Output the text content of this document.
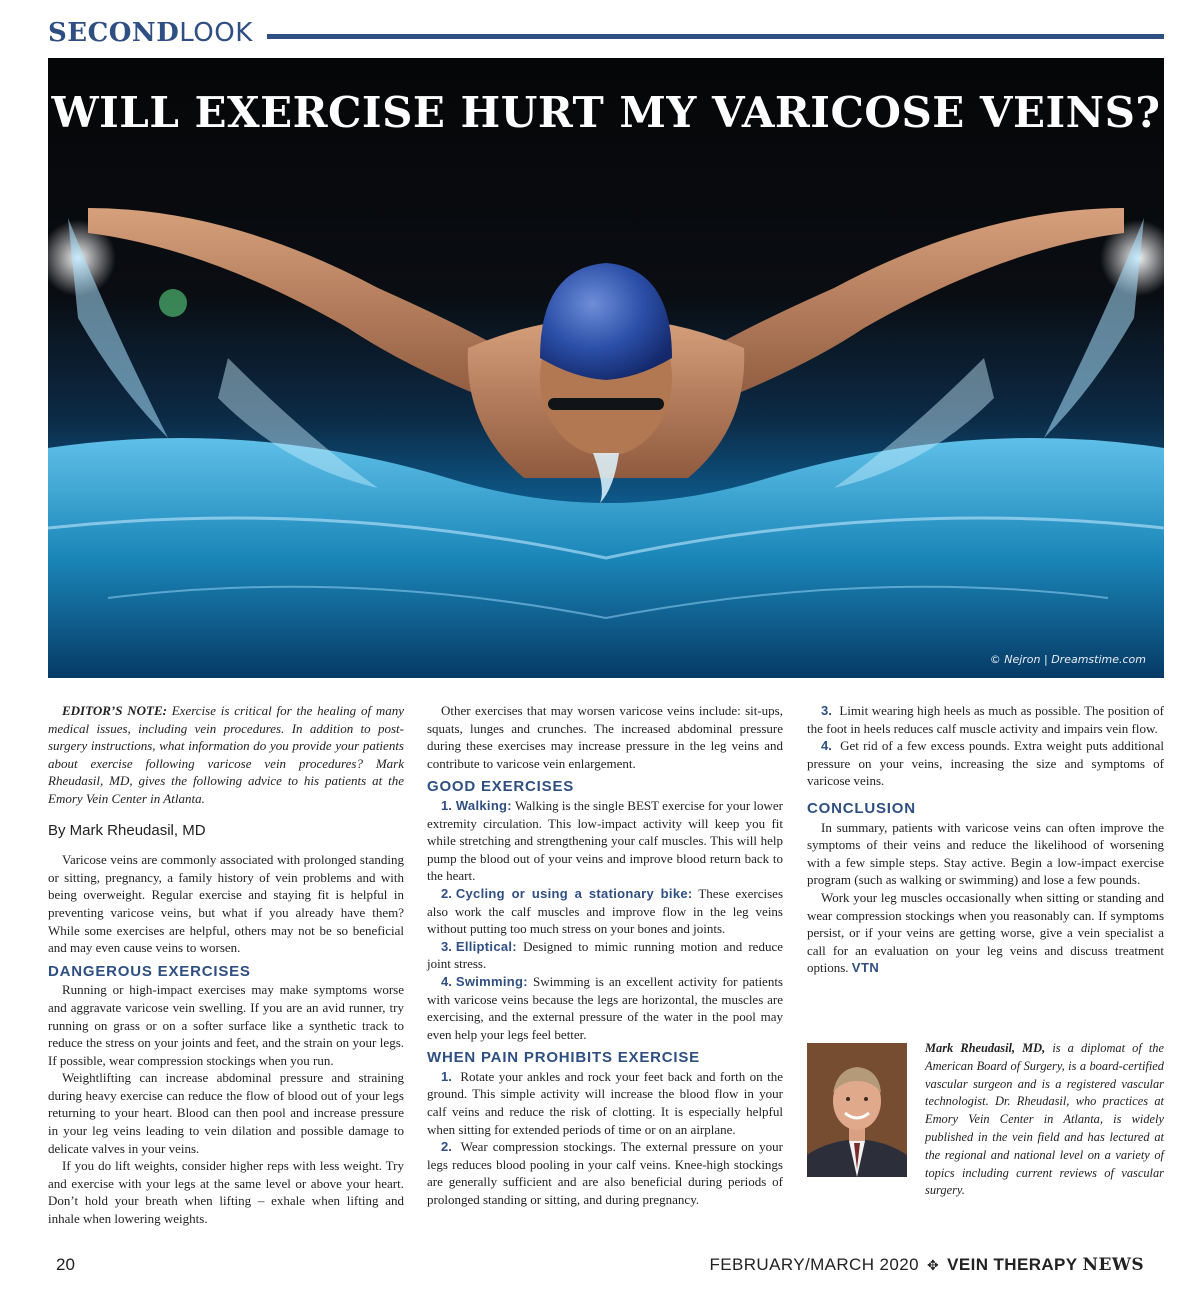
SECOND LOOK
WILL EXERCISE HURT MY VARICOSE VEINS?
© Nejron | Dreamstime.com

EDITOR’S NOTE: Exercise is critical for the healing of many medical issues, including vein procedures. In addition to post-surgery instructions, what information do you provide your patients about exercise following varicose vein procedures? Mark Rheudasil, MD, gives the following advice to his patients at the Emory Vein Center in Atlanta.

By Mark Rheudasil, MD

Varicose veins are commonly associated with prolonged standing or sitting, pregnancy, a family history of vein problems and with being overweight. Regular exercise and staying fit is helpful in preventing varicose veins, but what if you already have them? While some exercises are helpful, others may not be so beneficial and may even cause veins to worsen.

DANGEROUS EXERCISES

Running or high-impact exercises may make symptoms worse and aggravate varicose vein swelling. If you are an avid runner, try running on grass or on a softer surface like a synthetic track to reduce the stress on your joints and feet, and the strain on your legs. If possible, wear compression stockings when you run.

Weightlifting can increase abdominal pressure and straining during heavy exercise can reduce the flow of blood out of your legs returning to your heart. Blood can then pool and increase pressure in your leg veins leading to vein dilation and possible damage to delicate valves in your veins.

If you do lift weights, consider higher reps with less weight. Try and exercise with your legs at the same level or above your heart. Don’t hold your breath when lifting – exhale when lifting and inhale when lowering weights.

Other exercises that may worsen varicose veins include: sit-ups, squats, lunges and crunches. The increased abdominal pressure during these exercises may increase pressure in the leg veins and contribute to varicose vein enlargement.

GOOD EXERCISES

1. Walking: Walking is the single BEST exercise for your lower extremity circulation. This low-impact activity will keep you fit while stretching and strengthening your calf muscles. This will help pump the blood out of your veins and improve blood return back to the heart.

2. Cycling or using a stationary bike: These exercises also work the calf muscles and improve flow in the leg veins without putting too much stress on your bones and joints.

3. Elliptical: Designed to mimic running motion and reduce joint stress.

4. Swimming: Swimming is an excellent activity for patients with varicose veins because the legs are horizontal, the muscles are exercising, and the external pressure of the water in the pool may even help your legs feel better.

WHEN PAIN PROHIBITS EXERCISE

1. Rotate your ankles and rock your feet back and forth on the ground. This simple activity will increase the blood flow in your calf veins and reduce the risk of clotting. It is especially helpful when sitting for extended periods of time or on an airplane.

2. Wear compression stockings. The external pressure on your legs reduces blood pooling in your calf veins. Knee-high stockings are generally sufficient and are also beneficial during periods of prolonged standing or sitting, and during pregnancy.

3. Limit wearing high heels as much as possible. The position of the foot in heels reduces calf muscle activity and impairs vein flow.

4. Get rid of a few excess pounds. Extra weight puts additional pressure on your veins, increasing the size and symptoms of varicose veins.

CONCLUSION

In summary, patients with varicose veins can often improve the symptoms of their veins and reduce the likelihood of worsening with a few simple steps. Stay active. Begin a low-impact exercise program (such as walking or swimming) and lose a few pounds.

Work your leg muscles occasionally when sitting or standing and wear compression stockings when you reasonably can. If symptoms persist, or if your veins are getting worse, give a vein specialist a call for an evaluation on your leg veins and discuss treatment options. VTN

Mark Rheudasil, MD, is a diplomat of the American Board of Surgery, is a board-certified vascular surgeon and is a registered vascular technologist. Dr. Rheudasil, who practices at Emory Vein Center in Atlanta, is widely published in the vein field and has lectured at the regional and national level on a variety of topics including current reviews of vascular surgery.

20	FEBRUARY/MARCH 2020 ✥ VEIN THERAPY NEWS
